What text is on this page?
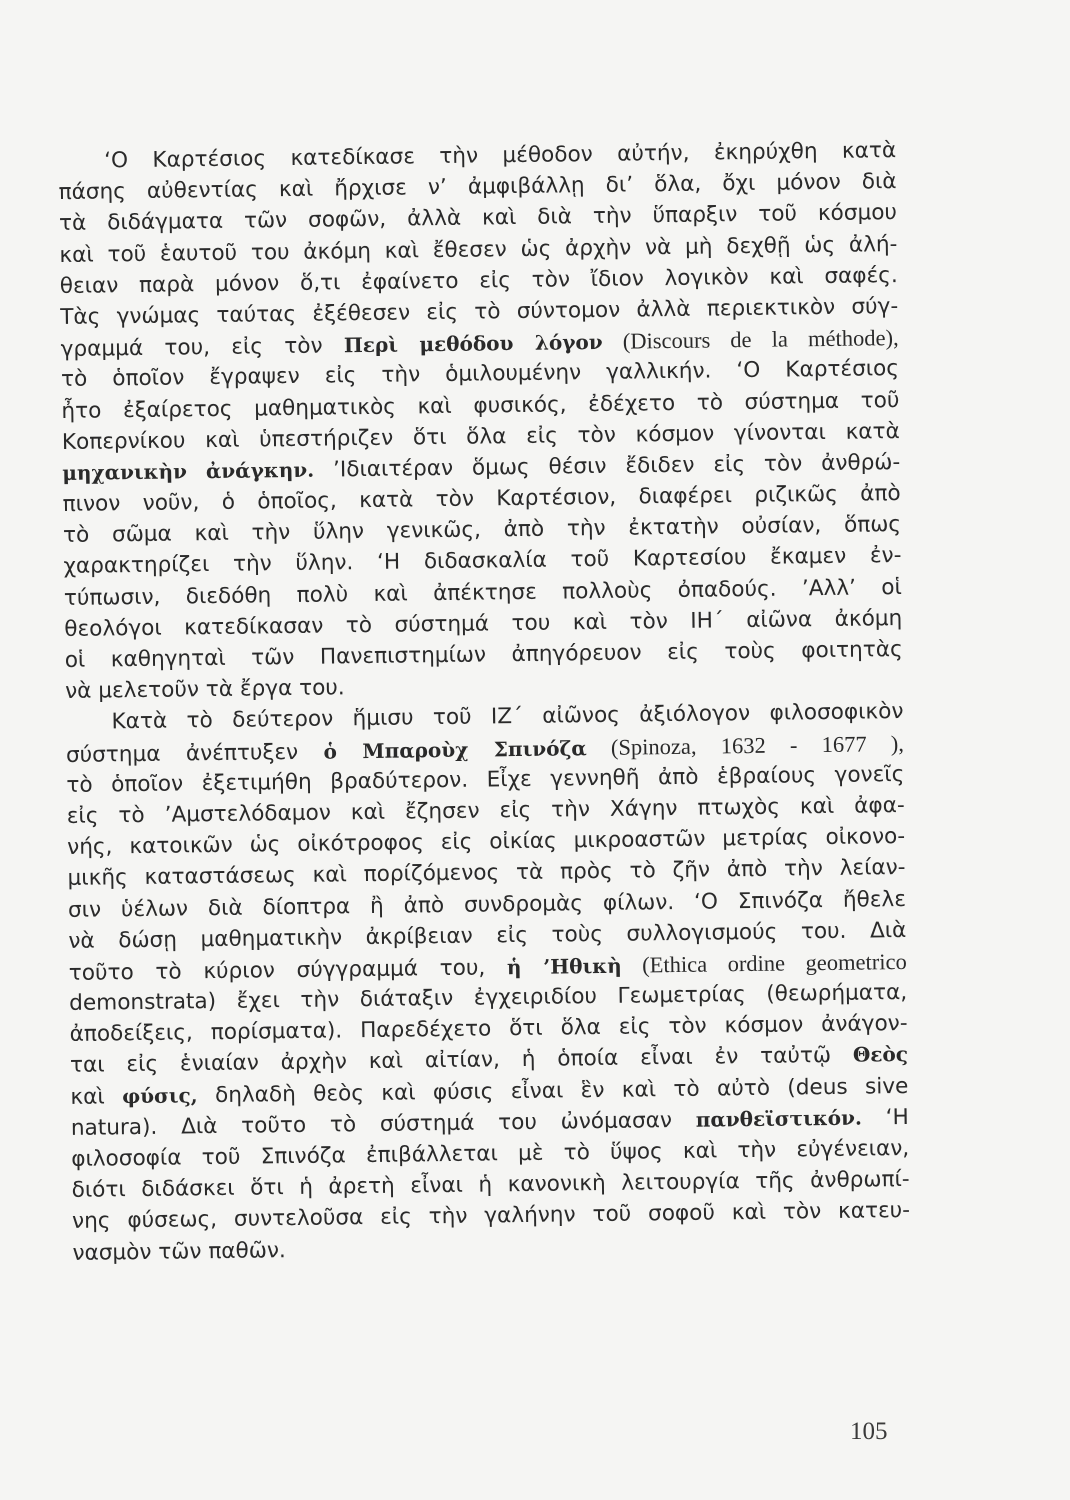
‘Ο Καρτέσιος κατεδίκασε τὴν μέθοδον αὐτήν, ἐκηρύχθη κατὰ
πάσης αὐθεντίας καὶ ἤρχισε ν’ ἀμφιβάλλῃ δι’ ὅλα, ὄχι μόνον διὰ
τὰ διδάγματα τῶν σοφῶν, ἀλλὰ καὶ διὰ τὴν ὕπαρξιν τοῦ κόσμου
καὶ τοῦ ἑαυτοῦ του ἀκόμη καὶ ἔθεσεν ὡς ἀρχὴν νὰ μὴ δεχθῇ ὡς ἀλή-
θειαν παρὰ μόνον ὅ,τι ἐφαίνετο εἰς τὸν ἴδιον λογικὸν καὶ σαφές.
Τὰς γνώμας ταύτας ἐξέθεσεν εἰς τὸ σύντομον ἀλλὰ περιεκτικὸν σύγ-
γραμμά του, εἰς τὸν Περὶ μεθόδου λόγον (Discours de la méthode),
τὸ ὁποῖον ἔγραψεν εἰς τὴν ὁμιλουμένην γαλλικήν. ‘Ο Καρτέσιος
ἦτο ἐξαίρετος μαθηματικὸς καὶ φυσικός, ἐδέχετο τὸ σύστημα τοῦ
Κοπερνίκου καὶ ὑπεστήριζεν ὅτι ὅλα εἰς τὸν κόσμον γίνονται κατὰ
μηχανικὴν ἀνάγκην. ’Ιδιαιτέραν ὅμως θέσιν ἔδιδεν εἰς τὸν ἀνθρώ-
πινον νοῦν, ὁ ὁποῖος, κατὰ τὸν Καρτέσιον, διαφέρει ριζικῶς ἀπὸ
τὸ σῶμα καὶ τὴν ὕλην γενικῶς, ἀπὸ τὴν ἐκτατὴν οὐσίαν, ὅπως
χαρακτηρίζει τὴν ὕλην. ‘Η διδασκαλία τοῦ Καρτεσίου ἔκαμεν ἐν-
τύπωσιν, διεδόθη πολὺ καὶ ἀπέκτησε πολλοὺς ὀπαδούς. ’Αλλ’ οἱ
θεολόγοι κατεδίκασαν τὸ σύστημά του καὶ τὸν ΙΗ΄ αἰῶνα ἀκόμη
οἱ καθηγηταὶ τῶν Πανεπιστημίων ἀπηγόρευον εἰς τοὺς φοιτητὰς
νὰ μελετοῦν τὰ ἔργα του.
Κατὰ τὸ δεύτερον ἥμισυ τοῦ ΙΖ΄ αἰῶνος ἀξιόλογον φιλοσοφικὸν
σύστημα ἀνέπτυξεν ὁ Μπαροὺχ Σπινόζα (Spinoza, 1632 - 1677 ),
τὸ ὁποῖον ἐξετιμήθη βραδύτερον. Εἶχε γεννηθῆ ἀπὸ ἑβραίους γονεῖς
εἰς τὸ ’Αμστελόδαμον καὶ ἔζησεν εἰς τὴν Χάγην πτωχὸς καὶ ἀφα-
νής, κατοικῶν ὡς οἰκότροφος εἰς οἰκίας μικροαστῶν μετρίας οἰκονο-
μικῆς καταστάσεως καὶ πορίζόμενος τὰ πρὸς τὸ ζῆν ἀπὸ τὴν λείαν-
σιν ὑέλων διὰ δίοπτρα ἢ ἀπὸ συνδρομὰς φίλων. ‘Ο Σπινόζα ἤθελε
νὰ δώσῃ μαθηματικὴν ἀκρίβειαν εἰς τοὺς συλλογισμούς του. Διὰ
τοῦτο τὸ κύριον σύγγραμμά του, ἡ ’Ηθικὴ (Ethica ordine geometrico
demonstrata) ἔχει τὴν διάταξιν ἐγχειριδίου Γεωμετρίας (θεωρήματα,
ἀποδείξεις, πορίσματα). Παρεδέχετο ὅτι ὅλα εἰς τὸν κόσμον ἀνάγον-
ται εἰς ἑνιαίαν ἀρχὴν καὶ αἰτίαν, ἡ ὁποία εἶναι ἐν ταὐτῷ Θεὸς
καὶ φύσις, δηλαδὴ θεὸς καὶ φύσις εἶναι ἓν καὶ τὸ αὐτὸ (deus sive
natura). Διὰ τοῦτο τὸ σύστημά του ὠνόμασαν πανθεϊστικόν. ‘Η
φιλοσοφία τοῦ Σπινόζα ἐπιβάλλεται μὲ τὸ ὕψος καὶ τὴν εὐγένειαν,
διότι διδάσκει ὅτι ἡ ἀρετὴ εἶναι ἡ κανονικὴ λειτουργία τῆς ἀνθρωπί-
νης φύσεως, συντελοῦσα εἰς τὴν γαλήνην τοῦ σοφοῦ καὶ τὸν κατευ-
νασμὸν τῶν παθῶν.
105
